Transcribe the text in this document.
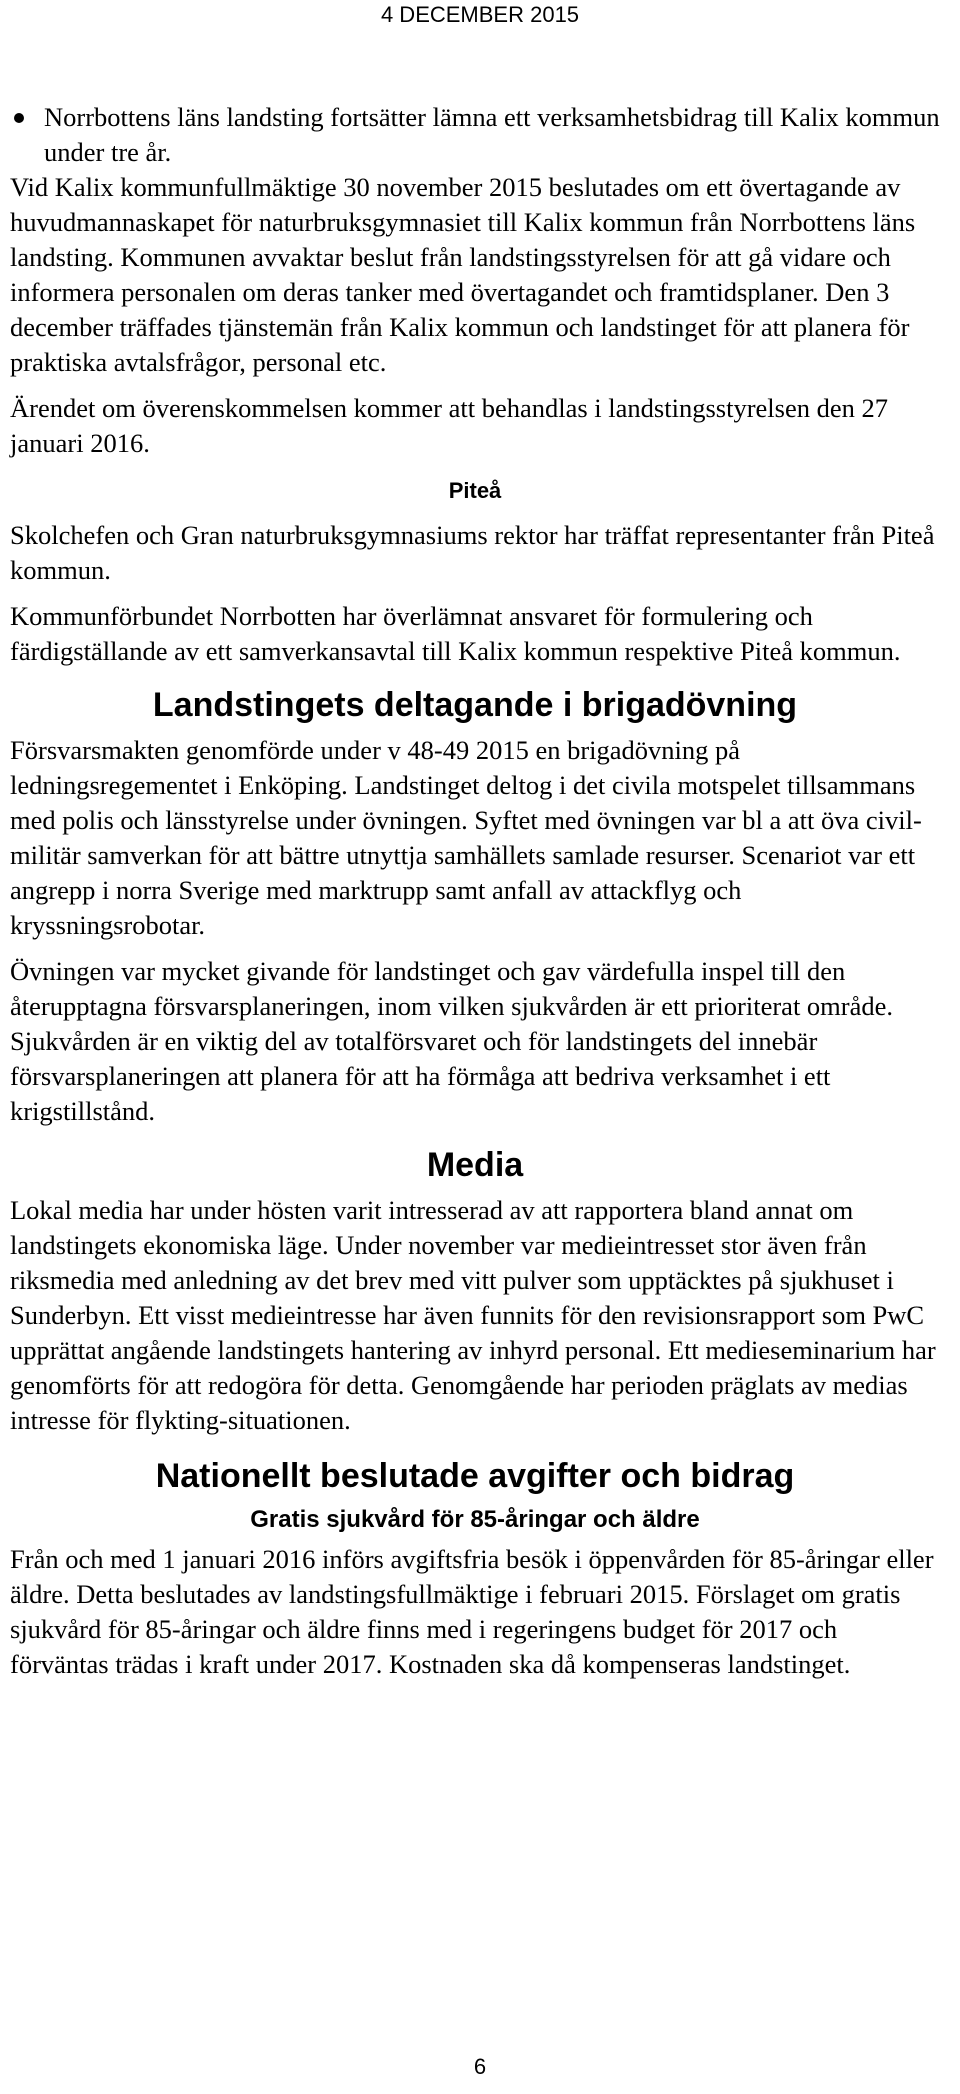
4 DECEMBER 2015
Norrbottens läns landsting fortsätter lämna ett verksamhetsbidrag till Kalix kommun under tre år.

Vid Kalix kommunfullmäktige 30 november 2015 beslutades om ett övertagande av huvudmannaskapet för naturbruksgymnasiet till Kalix kommun från Norrbottens läns landsting. Kommunen avvaktar beslut från landstingsstyrelsen för att gå vidare och informera personalen om deras tanker med övertagandet och framtidsplaner. Den 3 december träffades tjänstemän från Kalix kommun och landstinget för att planera för praktiska avtalsfrågor, personal etc.

Ärendet om överenskommelsen kommer att behandlas i landstingsstyrelsen den 27 januari 2016.

Piteå

Skolchefen och Gran naturbruksgymnasiums rektor har träffat representanter från Piteå kommun.

Kommunförbundet Norrbotten har överlämnat ansvaret för formulering och färdigställande av ett samverkansavtal till Kalix kommun respektive Piteå kommun.

Landstingets deltagande i brigadövning

Försvarsmakten genomförde under v 48-49 2015 en brigadövning på ledningsregementet i Enköping. Landstinget deltog i det civila motspelet tillsammans med polis och länsstyrelse under övningen. Syftet med övningen var bl a att öva civil-militär samverkan för att bättre utnyttja samhällets samlade resurser. Scenariot var ett angrepp i norra Sverige med marktrupp samt anfall av attackflyg och kryssningsrobotar.

Övningen var mycket givande för landstinget och gav värdefulla inspel till den återupptagna försvarsplaneringen, inom vilken sjukvården är ett prioriterat område. Sjukvården är en viktig del av totalförsvaret och för landstingets del innebär försvarsplaneringen att planera för att ha förmåga att bedriva verksamhet i ett krigstillstånd.

Media

Lokal media har under hösten varit intresserad av att rapportera bland annat om landstingets ekonomiska läge. Under november var medieintresset stor även från riksmedia med anledning av det brev med vitt pulver som upptäcktes på sjukhuset i Sunderbyn. Ett visst medieintresse har även funnits för den revisionsrapport som PwC upprättat angående landstingets hantering av inhyrd personal. Ett medieseminarium har genomförts för att redogöra för detta. Genomgående har perioden präglats av medias intresse för flykting-situationen.

Nationellt beslutade avgifter och bidrag
Gratis sjukvård för 85-åringar och äldre

Från och med 1 januari 2016 införs avgiftsfria besök i öppenvården för 85-åringar eller äldre. Detta beslutades av landstingsfullmäktige i februari 2015. Förslaget om gratis sjukvård för 85-åringar och äldre finns med i regeringens budget för 2017 och förväntas trädas i kraft under 2017. Kostnaden ska då kompenseras landstinget.

6
